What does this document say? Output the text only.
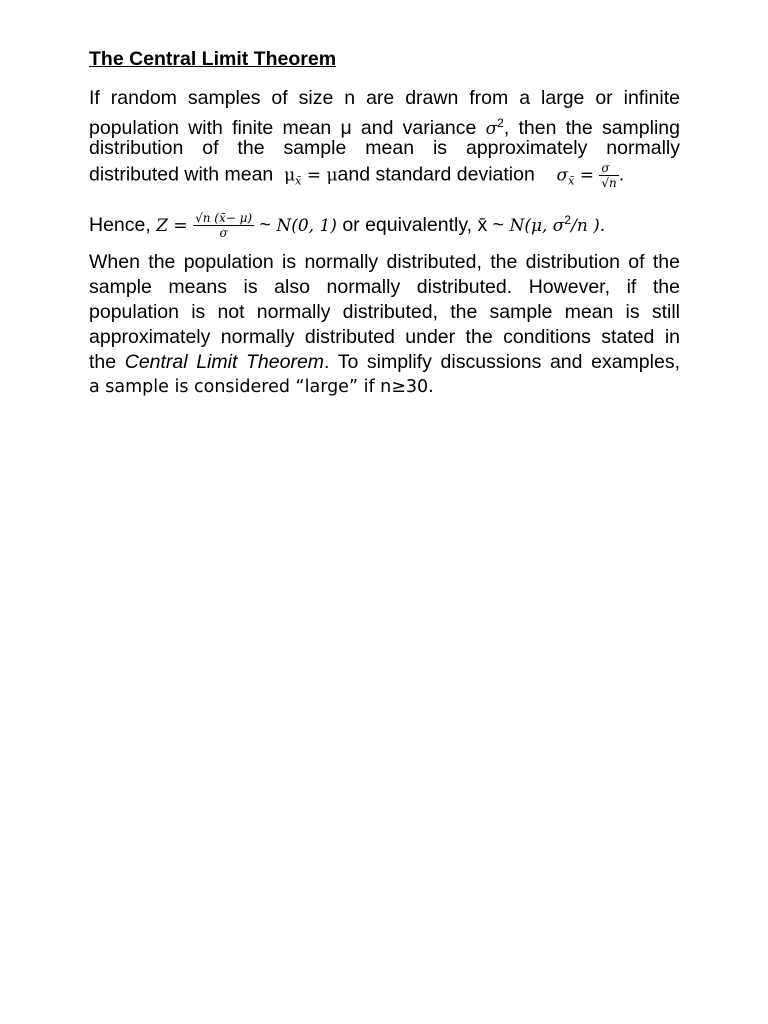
The Central Limit Theorem
If random samples of size n are drawn from a large or infinite
population with finite mean μ and variance $\sigma^2$, then the sampling
distribution of the sample mean is approximately normally
distributed with mean  $\mu_{x̄} = \mu and$ standard deviation    $\sigma_{x̄} = \frac{\sigma}{√n}$ .
Hence, $Z = \frac{√n (x̄- \mu)}{\sigma}$ ~ N(0, 1) or equivalently, x̄ ~ N(μ, $\sigma^2/n$ ).
When the population is normally distributed, the distribution of the
sample means is also normally distributed. However, if the
population is not normally distributed, the sample mean is still
approximately normally distributed under the conditions stated in
the Central Limit Theorem. To simplify discussions and examples,
a sample is considered “large” if n≥30.
